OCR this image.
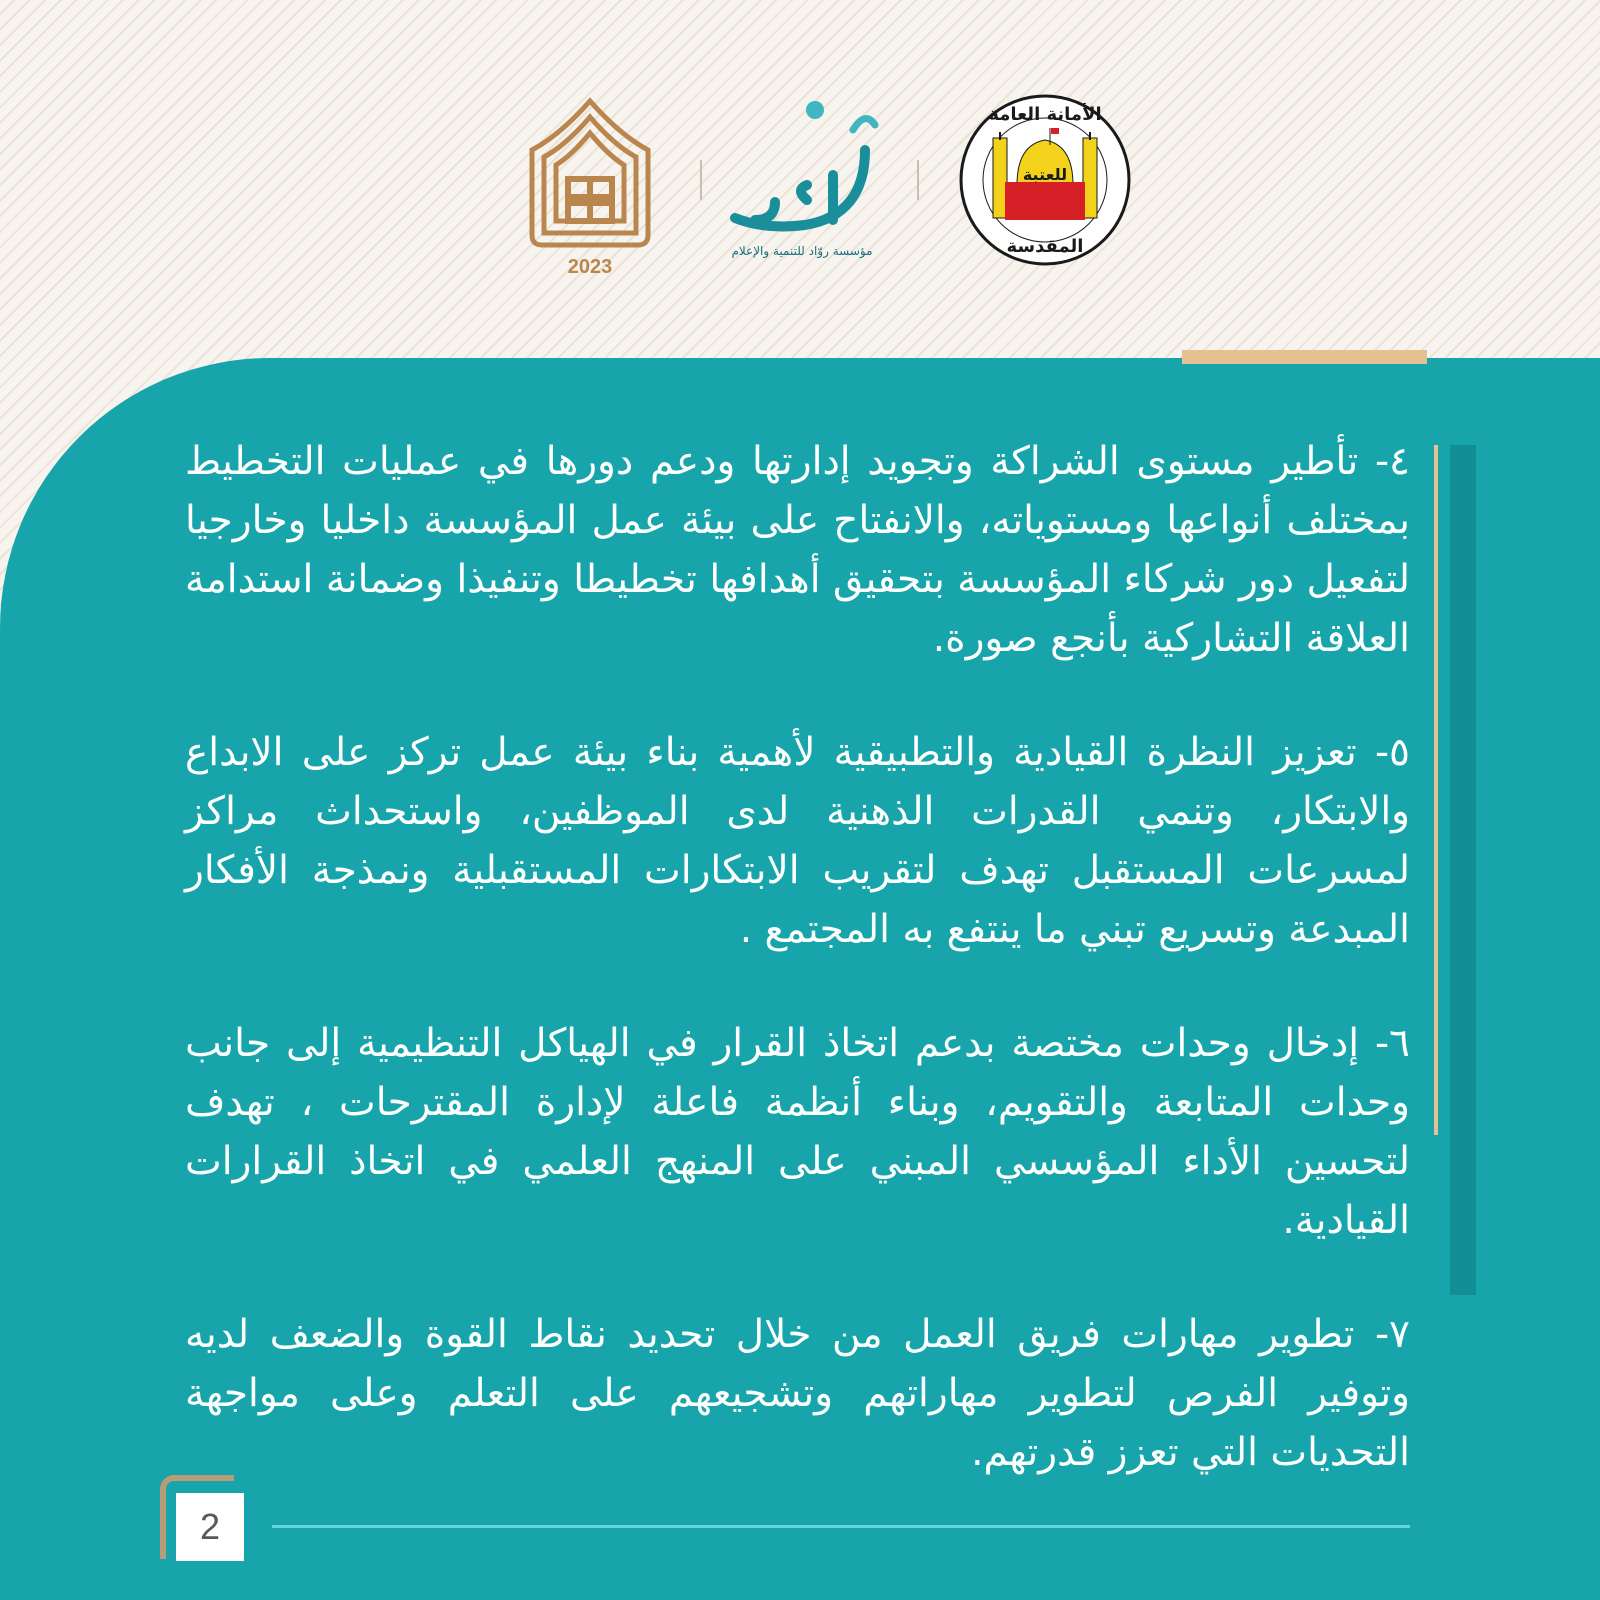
2023
مؤسسة روّاد للتنمية والإعلام
الأمانة العامة
للعتبة
المقدسة

٤- تأطير مستوى الشراكة وتجويد إدارتها ودعم دورها في عمليات التخطيط بمختلف أنواعها ومستوياته، والانفتاح على بيئة عمل المؤسسة داخليا وخارجيا لتفعيل دور شركاء المؤسسة بتحقيق أهدافها تخطيطا وتنفيذا وضمانة استدامة العلاقة التشاركية بأنجع صورة.

٥- تعزيز النظرة القيادية والتطبيقية لأهمية بناء بيئة عمل تركز على الابداع والابتكار، وتنمي القدرات الذهنية لدى الموظفين، واستحداث مراكز لمسرعات المستقبل تهدف لتقريب الابتكارات المستقبلية ونمذجة الأفكار المبدعة وتسريع تبني ما ينتفع به المجتمع .

٦- إدخال وحدات مختصة بدعم اتخاذ القرار في الهياكل التنظيمية إلى جانب وحدات المتابعة والتقويم، وبناء أنظمة فاعلة لإدارة المقترحات ، تهدف لتحسين الأداء المؤسسي المبني على المنهج العلمي في اتخاذ القرارات القيادية.

٧- تطوير مهارات فريق العمل من خلال تحديد نقاط القوة والضعف لديه وتوفير الفرص لتطوير مهاراتهم وتشجيعهم على التعلم وعلى مواجهة التحديات التي تعزز قدرتهم.

2
